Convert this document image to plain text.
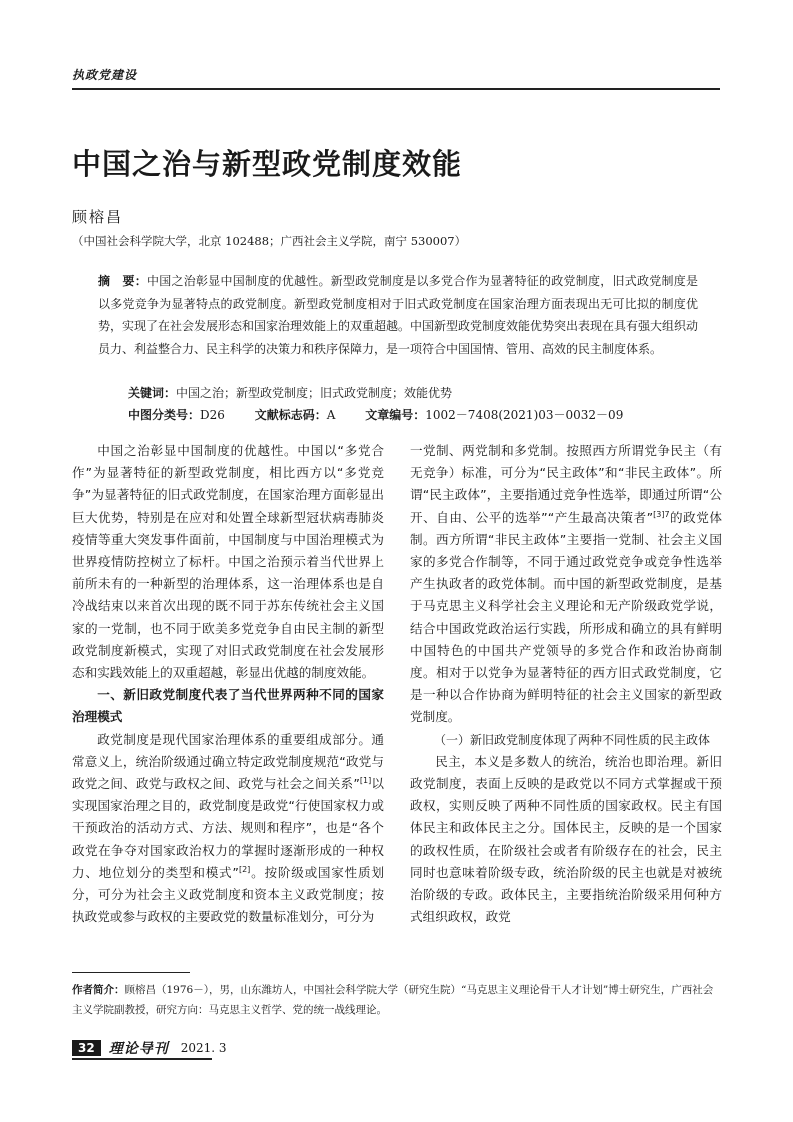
执政党建设
中国之治与新型政党制度效能
顾榕昌
（中国社会科学院大学，北京 102488；广西社会主义学院，南宁 530007）
摘　要：中国之治彰显中国制度的优越性。新型政党制度是以多党合作为显著特征的政党制度，旧式政党制度是以多党竞争为显著特点的政党制度。新型政党制度相对于旧式政党制度在国家治理方面表现出无可比拟的制度优势，实现了在社会发展形态和国家治理效能上的双重超越。中国新型政党制度效能优势突出表现在具有强大组织动员力、利益整合力、民主科学的决策力和秩序保障力，是一项符合中国国情、管用、高效的民主制度体系。
关键词：中国之治；新型政党制度；旧式政党制度；效能优势
中图分类号：D26 文献标志码：A 文章编号：1002－7408(2021)03－0032－09

中国之治彰显中国制度的优越性。中国以“多党合作”为显著特征的新型政党制度，相比西方以“多党竞争”为显著特征的旧式政党制度，在国家治理方面彰显出巨大优势，特别是在应对和处置全球新型冠状病毒肺炎疫情等重大突发事件面前，中国制度与中国治理模式为世界疫情防控树立了标杆。中国之治预示着当代世界上前所未有的一种新型的治理体系，这一治理体系也是自冷战结束以来首次出现的既不同于苏东传统社会主义国家的一党制，也不同于欧美多党竞争自由民主制的新型政党制度新模式，实现了对旧式政党制度在社会发展形态和实践效能上的双重超越，彰显出优越的制度效能。

一、新旧政党制度代表了当代世界两种不同的国家治理模式

政党制度是现代国家治理体系的重要组成部分。通常意义上，统治阶级通过确立特定政党制度规范“政党与政党之间、政党与政权之间、政党与社会之间关系”[1]以实现国家治理之目的，政党制度是政党“行使国家权力或干预政治的活动方式、方法、规则和程序”，也是“各个政党在争夺对国家政治权力的掌握时逐渐形成的一种权力、地位划分的类型和模式”[2]。按阶级或国家性质划分，可分为社会主义政党制度和资本主义政党制度；按执政党或参与政权的主要政党的数量标准划分，可分为

一党制、两党制和多党制。按照西方所谓党争民主（有无竞争）标准，可分为“民主政体”和“非民主政体”。所谓“民主政体”，主要指通过竞争性选举，即通过所谓“公开、自由、公平的选举”“产生最高决策者”$^{[3]7}$的政党体制。西方所谓“非民主政体”主要指一党制、社会主义国家的多党合作制等，不同于通过政党竞争或竞争性选举产生执政者的政党体制。而中国的新型政党制度，是基于马克思主义科学社会主义理论和无产阶级政党学说，结合中国政党政治运行实践，所形成和确立的具有鲜明中国特色的中国共产党领导的多党合作和政治协商制度。相对于以党争为显著特征的西方旧式政党制度，它是一种以合作协商为鲜明特征的社会主义国家的新型政党制度。

（一）新旧政党制度体现了两种不同性质的民主政体

民主，本义是多数人的统治，统治也即治理。新旧政党制度，表面上反映的是政党以不同方式掌握或干预政权，实则反映了两种不同性质的国家政权。民主有国体民主和政体民主之分。国体民主，反映的是一个国家的政权性质，在阶级社会或者有阶级存在的社会，民主同时也意味着阶级专政，统治阶级的民主也就是对被统治阶级的专政。政体民主，主要指统治阶级采用何种方式组织政权，政党

作者简介：顾榕昌（1976－），男，山东潍坊人，中国社会科学院大学（研究生院）“马克思主义理论骨干人才计划”博士研究生，广西社会主义学院副教授，研究方向：马克思主义哲学、党的统一战线理论。
32	理论导刊 2021. 3
